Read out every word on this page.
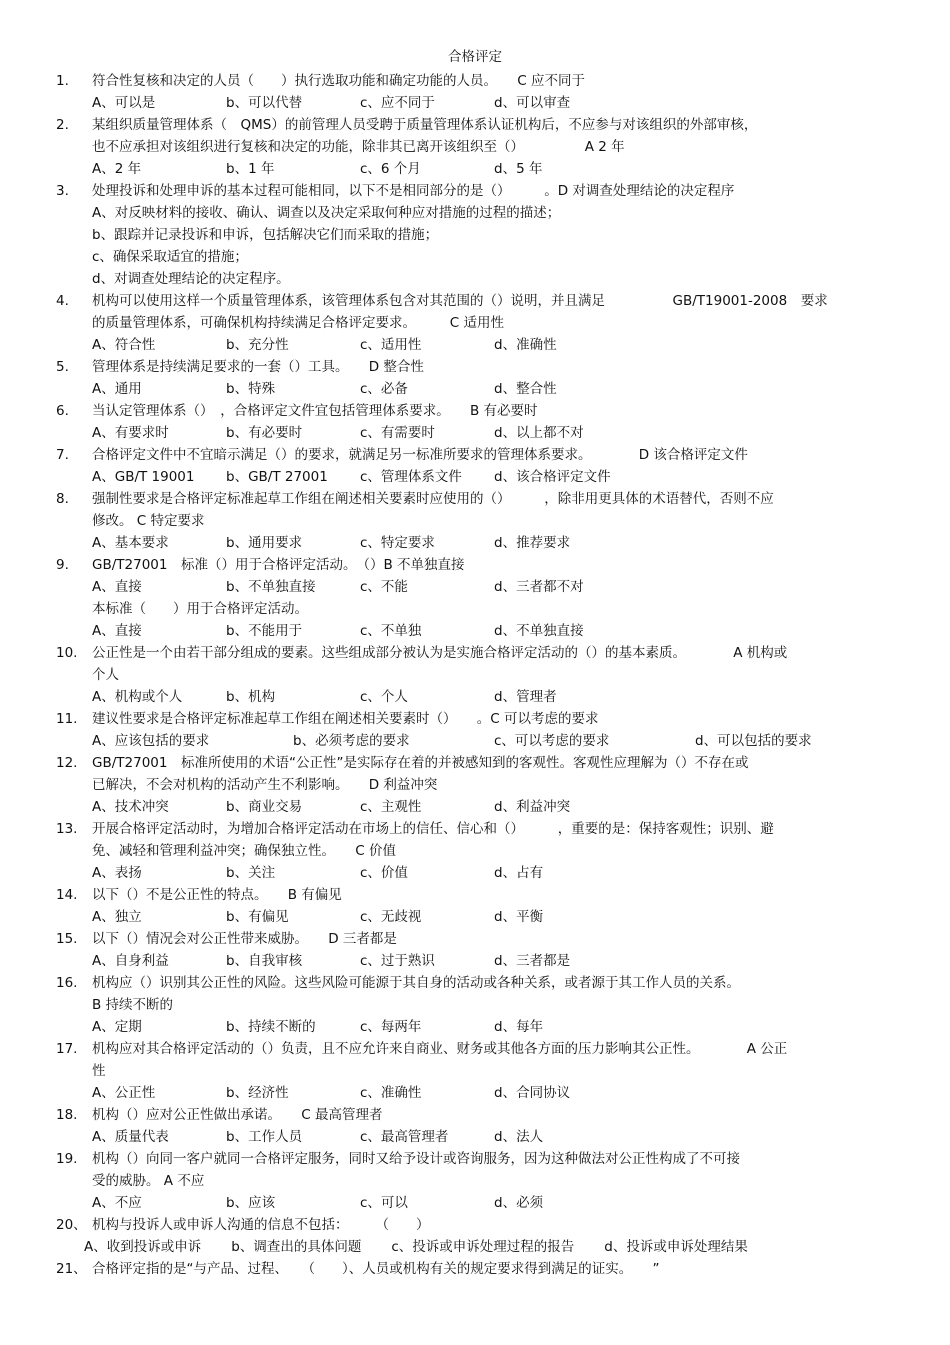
合格评定
1.	符合性复核和决定的人员（　　）执行选取功能和确定功能的人员。　　C 应不同于
A、可以是	b、可以代替	c、应不同于	d、可以审查
2.	某组织质量管理体系（　QMS）的前管理人员受聘于质量管理体系认证机构后，不应参与对该组织的外部审核，
也不应承担对该组织进行复核和决定的功能，除非其已离开该组织至（）　　　　　A 2 年
A、2 年	b、1 年	c、6 个月	d、5 年
3.	处理投诉和处理申诉的基本过程可能相同，以下不是相同部分的是（）　　　。D 对调查处理结论的决定程序
A、对反映材料的接收、确认、调查以及决定采取何种应对措施的过程的描述；
b、跟踪并记录投诉和申诉，包括解决它们而采取的措施；
c、确保采取适宜的措施；
d、对调查处理结论的决定程序。
4.	机构可以使用这样一个质量管理体系，该管理体系包含对其范围的（）说明，并且满足　　　　　GB/T19001-2008　要求
的质量管理体系，可确保机构持续满足合格评定要求。　　　C 适用性
A、符合性	b、充分性	c、适用性	d、准确性
5.	管理体系是持续满足要求的一套（）工具。　　D 整合性
A、通用	b、特殊	c、必备	d、整合性
6.	当认定管理体系（）　，合格评定文件宜包括管理体系要求。　　B 有必要时
A、有要求时	b、有必要时	c、有需要时	d、以上都不对
7.	合格评定文件中不宜暗示满足（）的要求，就满足另一标准所要求的管理体系要求。　　　　D 该合格评定文件
A、GB/T 19001	b、GB/T 27001	c、管理体系文件	d、该合格评定文件
8.	强制性要求是合格评定标准起草工作组在阐述相关要素时应使用的（）　　　，除非用更具体的术语替代，否则不应
修改。 C 特定要求
A、基本要求	b、通用要求	c、特定要求	d、推荐要求
9.	GB/T27001　标准（）用于合格评定活动。　（）B 不单独直接
A、直接	b、不单独直接	c、不能	d、三者都不对
本标准（　　）用于合格评定活动。
A、直接	b、不能用于	c、不单独	d、不单独直接
10.	公正性是一个由若干部分组成的要素。这些组成部分被认为是实施合格评定活动的（）的基本素质。　　　　A 机构或
个人
A、机构或个人	b、机构	c、个人	d、管理者
11.	建议性要求是合格评定标准起草工作组在阐述相关要素时（）　　。C 可以考虑的要求
A、应该包括的要求	b、必须考虑的要求	c、可以考虑的要求	d、可以包括的要求
12.	GB/T27001　标准所使用的术语“公正性”是实际存在着的并被感知到的客观性。客观性应理解为（）不存在或
已解决，不会对机构的活动产生不利影响。　　D 利益冲突
A、技术冲突	b、商业交易	c、主观性	d、利益冲突
13.	开展合格评定活动时，为增加合格评定活动在市场上的信任、信心和（）　　　，重要的是：保持客观性；识别、避
免、减轻和管理利益冲突；确保独立性。　　C 价值
A、表扬	b、关注	c、价值	d、占有
14.	以下（）不是公正性的特点。　　B 有偏见
A、独立	b、有偏见	c、无歧视	d、平衡
15.	以下（）情况会对公正性带来威胁。　　D 三者都是
A、自身利益	b、自我审核	c、过于熟识	d、三者都是
16.	机构应（）识别其公正性的风险。这些风险可能源于其自身的活动或各种关系，或者源于其工作人员的关系。
B 持续不断的
A、定期	b、持续不断的	c、每两年	d、每年
17.	机构应对其合格评定活动的（）负责，且不应允许来自商业、财务或其他各方面的压力影响其公正性。　　　　A 公正
性
A、公正性	b、经济性	c、准确性	d、合同协议
18.	机构（）应对公正性做出承诺。　　C 最高管理者
A、质量代表	b、工作人员	c、最高管理者	d、法人
19.	机构（）向同一客户就同一合格评定服务，同时又给予设计或咨询服务，因为这种做法对公正性构成了不可接
受的威胁。 A 不应
A、不应	b、应该	c、可以	d、必须
20、 机构与投诉人或申诉人沟通的信息不包括：　　　（　　）
A、收到投诉或申诉 b、调查出的具体问题 c、投诉或申诉处理过程的报告 d、投诉或申诉处理结果
21、 合格评定指的是“与产品、过程、　　（　　）、人员或机构有关的规定要求得到满足的证实。　　”
